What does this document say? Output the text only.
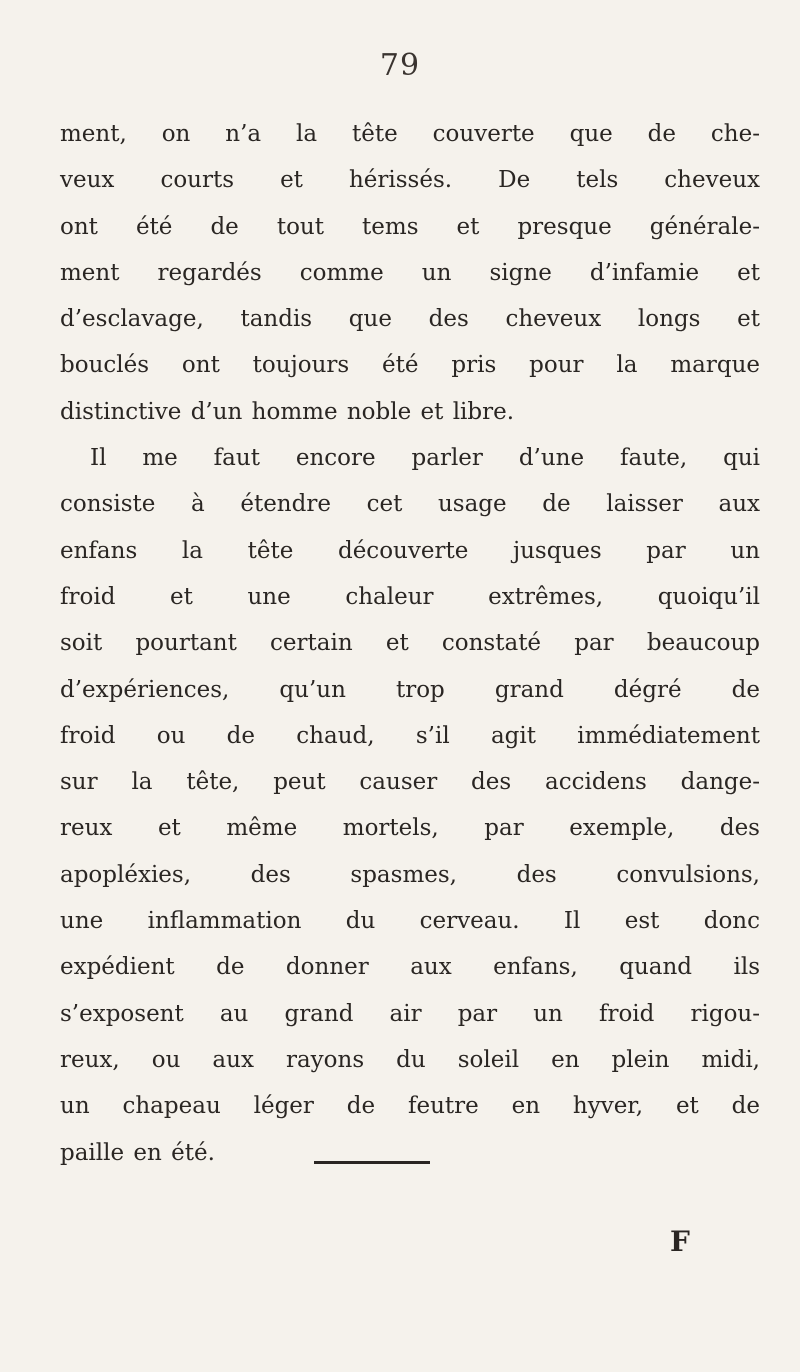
79
ment, on n’a la tête couverte que de che-
veux courts et hérissés. De tels cheveux
ont été de tout tems et presque générale-
ment regardés comme un signe d’infamie et
d’esclavage, tandis que des cheveux longs et
bouclés ont toujours été pris pour la marque
distinctive d’un homme noble et libre.
Il me faut encore parler d’une faute, qui
consiste à étendre cet usage de laisser aux
enfans la tête découverte jusques par un
froid et une chaleur extrêmes, quoiqu’il
soit pourtant certain et constaté par beaucoup
d’expériences, qu’un trop grand dégré de
froid ou de chaud, s’il agit immédiatement
sur la tête, peut causer des accidens dange-
reux et même mortels, par exemple, des
apopléxies, des spasmes, des convulsions,
une inflammation du cerveau. Il est donc
expédient de donner aux enfans, quand ils
s’exposent au grand air par un froid rigou-
reux, ou aux rayons du soleil en plein midi,
un chapeau léger de feutre en hyver, et de
paille en été.
F
